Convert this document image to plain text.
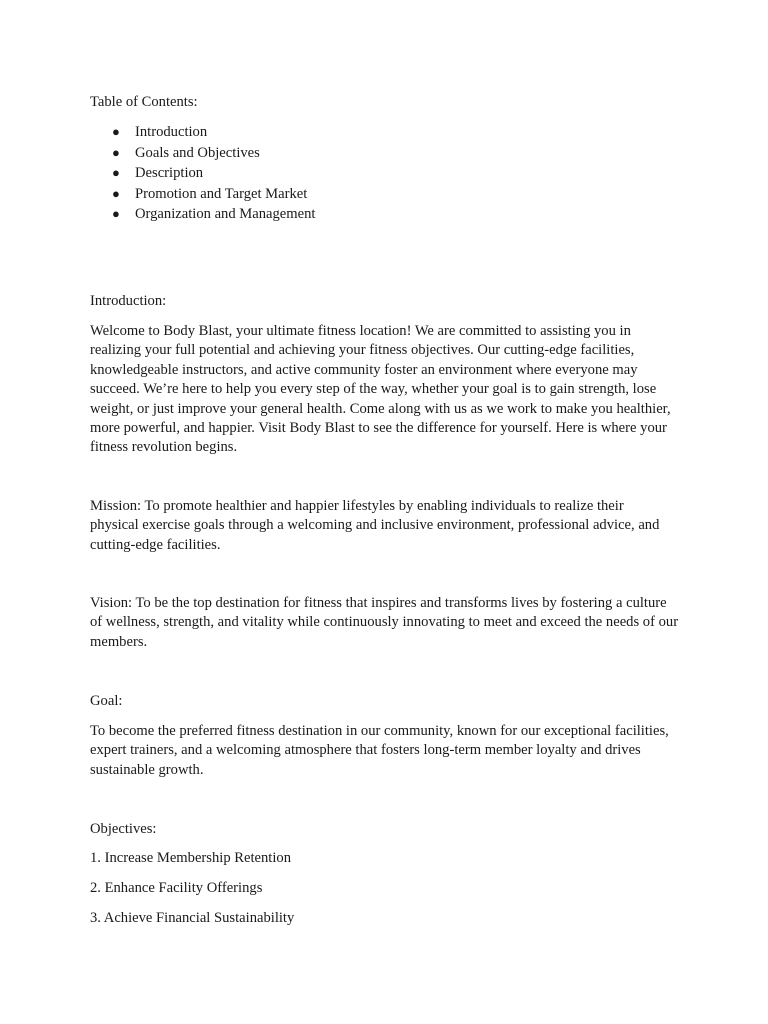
Table of Contents:

● Introduction
● Goals and Objectives
● Description
● Promotion and Target Market
● Organization and Management

Introduction:

Welcome to Body Blast, your ultimate fitness location! We are committed to assisting you in realizing your full potential and achieving your fitness objectives. Our cutting-edge facilities, knowledgeable instructors, and active community foster an environment where everyone may succeed. We’re here to help you every step of the way, whether your goal is to gain strength, lose weight, or just improve your general health. Come along with us as we work to make you healthier, more powerful, and happier. Visit Body Blast to see the difference for yourself. Here is where your fitness revolution begins.

Mission: To promote healthier and happier lifestyles by enabling individuals to realize their physical exercise goals through a welcoming and inclusive environment, professional advice, and cutting-edge facilities.

Vision: To be the top destination for fitness that inspires and transforms lives by fostering a culture of wellness, strength, and vitality while continuously innovating to meet and exceed the needs of our members.

Goal:

To become the preferred fitness destination in our community, known for our exceptional facilities, expert trainers, and a welcoming atmosphere that fosters long-term member loyalty and drives sustainable growth.

Objectives:

1. Increase Membership Retention

2. Enhance Facility Offerings

3. Achieve Financial Sustainability
